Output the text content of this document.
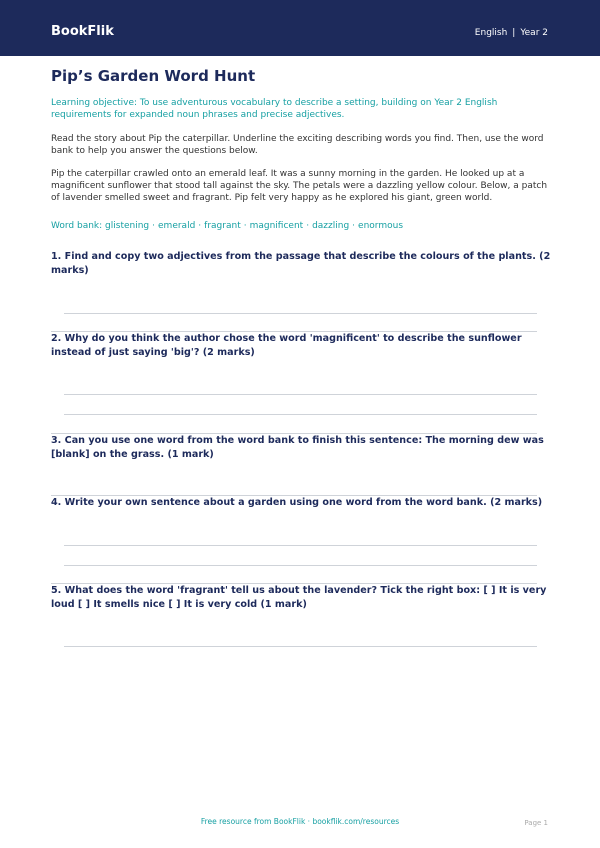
BookFlik	English | Year 2
Pip’s Garden Word Hunt
Learning objective: To use adventurous vocabulary to describe a setting, building on Year 2 English requirements for expanded noun phrases and precise adjectives.
Read the story about Pip the caterpillar. Underline the exciting describing words you find. Then, use the word bank to help you answer the questions below.
Pip the caterpillar crawled onto an emerald leaf. It was a sunny morning in the garden. He looked up at a magnificent sunflower that stood tall against the sky. The petals were a dazzling yellow colour. Below, a patch of lavender smelled sweet and fragrant. Pip felt very happy as he explored his giant, green world.
Word bank: glistening · emerald · fragrant · magnificent · dazzling · enormous
1. Find and copy two adjectives from the passage that describe the colours of the plants. (2 marks)
2. Why do you think the author chose the word 'magnificent' to describe the sunflower instead of just saying 'big'? (2 marks)
3. Can you use one word from the word bank to finish this sentence: The morning dew was [blank] on the grass. (1 mark)
4. Write your own sentence about a garden using one word from the word bank. (2 marks)
5. What does the word 'fragrant' tell us about the lavender? Tick the right box: [ ] It is very loud [ ] It smells nice [ ] It is very cold (1 mark)
Free resource from BookFlik · bookflik.com/resources	Page 1
